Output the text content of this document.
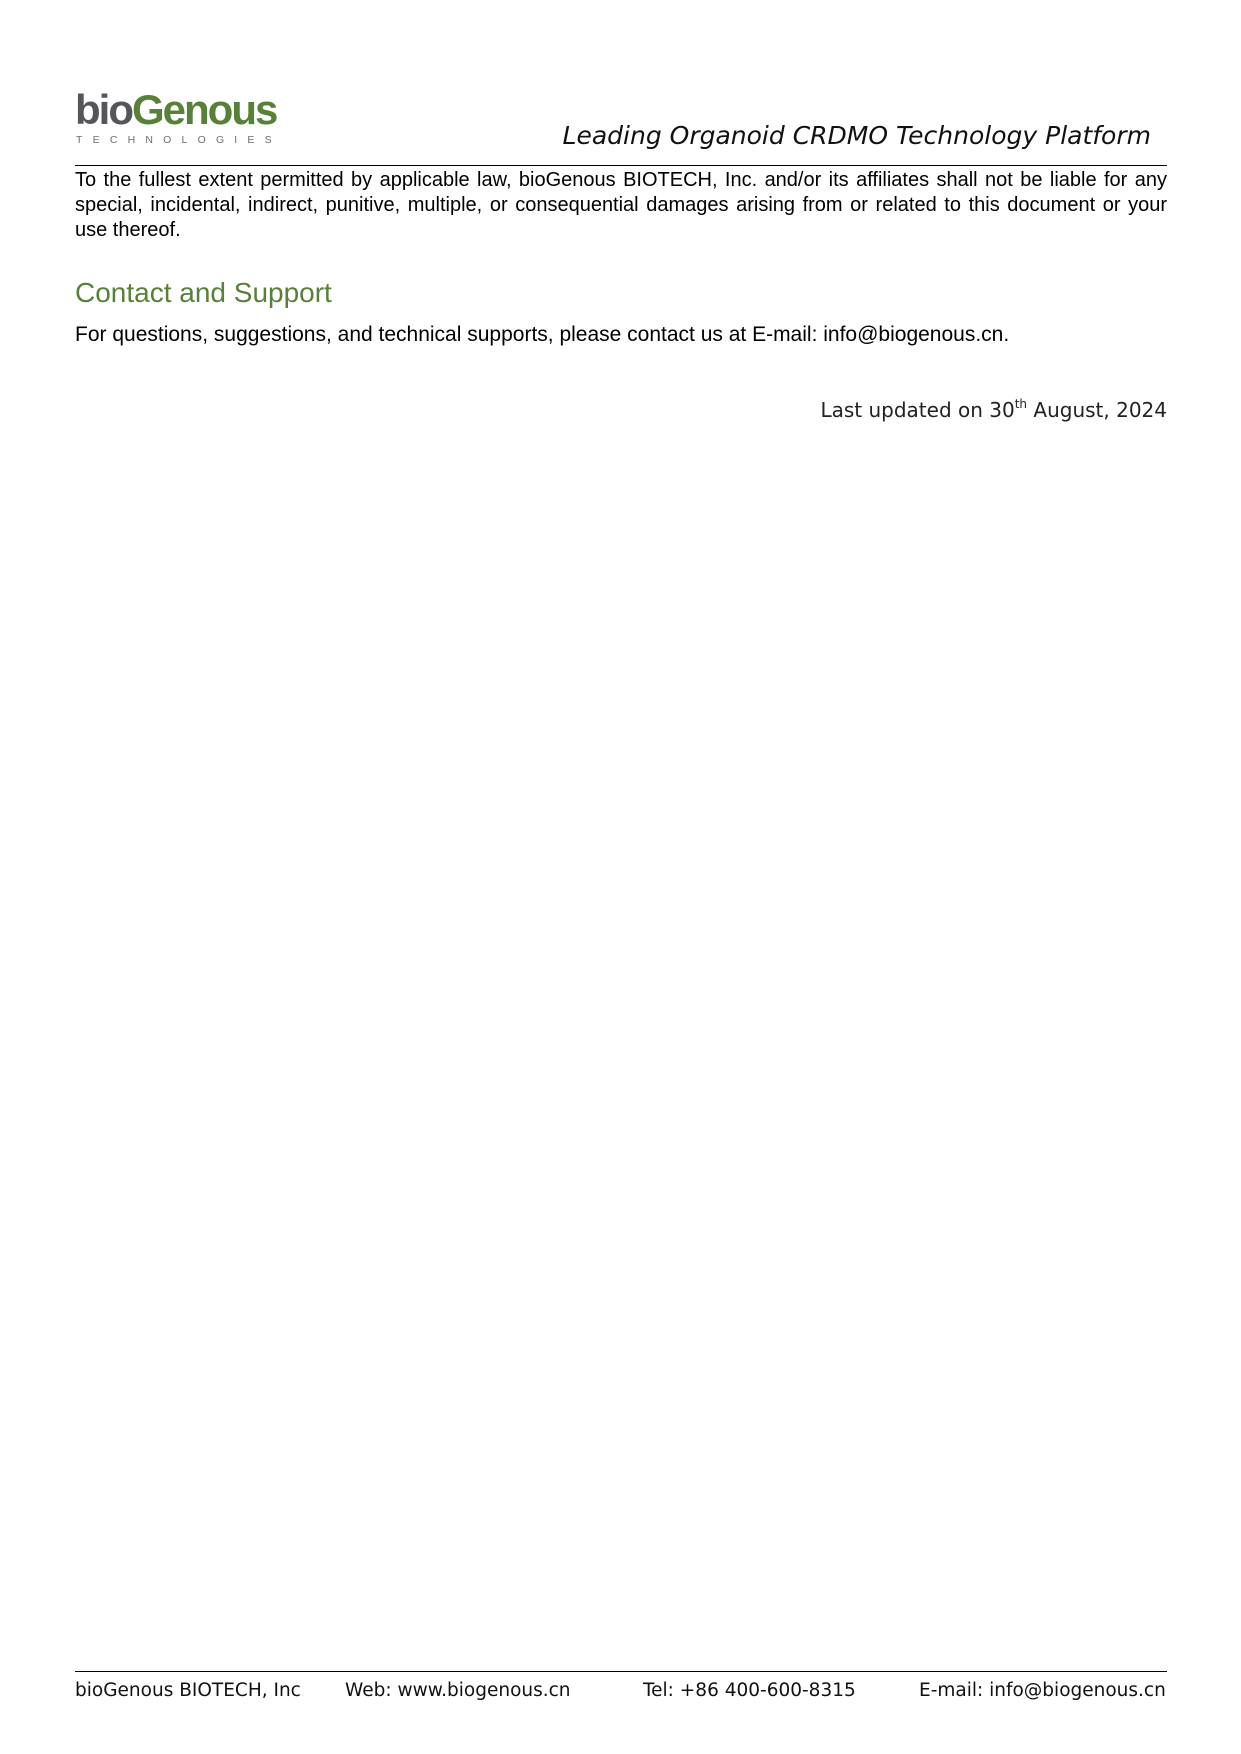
bioGenous
TECHNOLOGIES	Leading Organoid CRDMO Technology Platform

To the fullest extent permitted by applicable law, bioGenous BIOTECH, Inc. and/or its affiliates shall not be liable for any special, incidental, indirect, punitive, multiple, or consequential damages arising from or related to this document or your use thereof.

Contact and Support

For questions, suggestions, and technical supports, please contact us at E-mail: info@biogenous.cn.

Last updated on 30th August, 2024

bioGenous BIOTECH, Inc Web: www.biogenous.cn	Tel: +86 400-600-8315	E-mail: info@biogenous.cn
